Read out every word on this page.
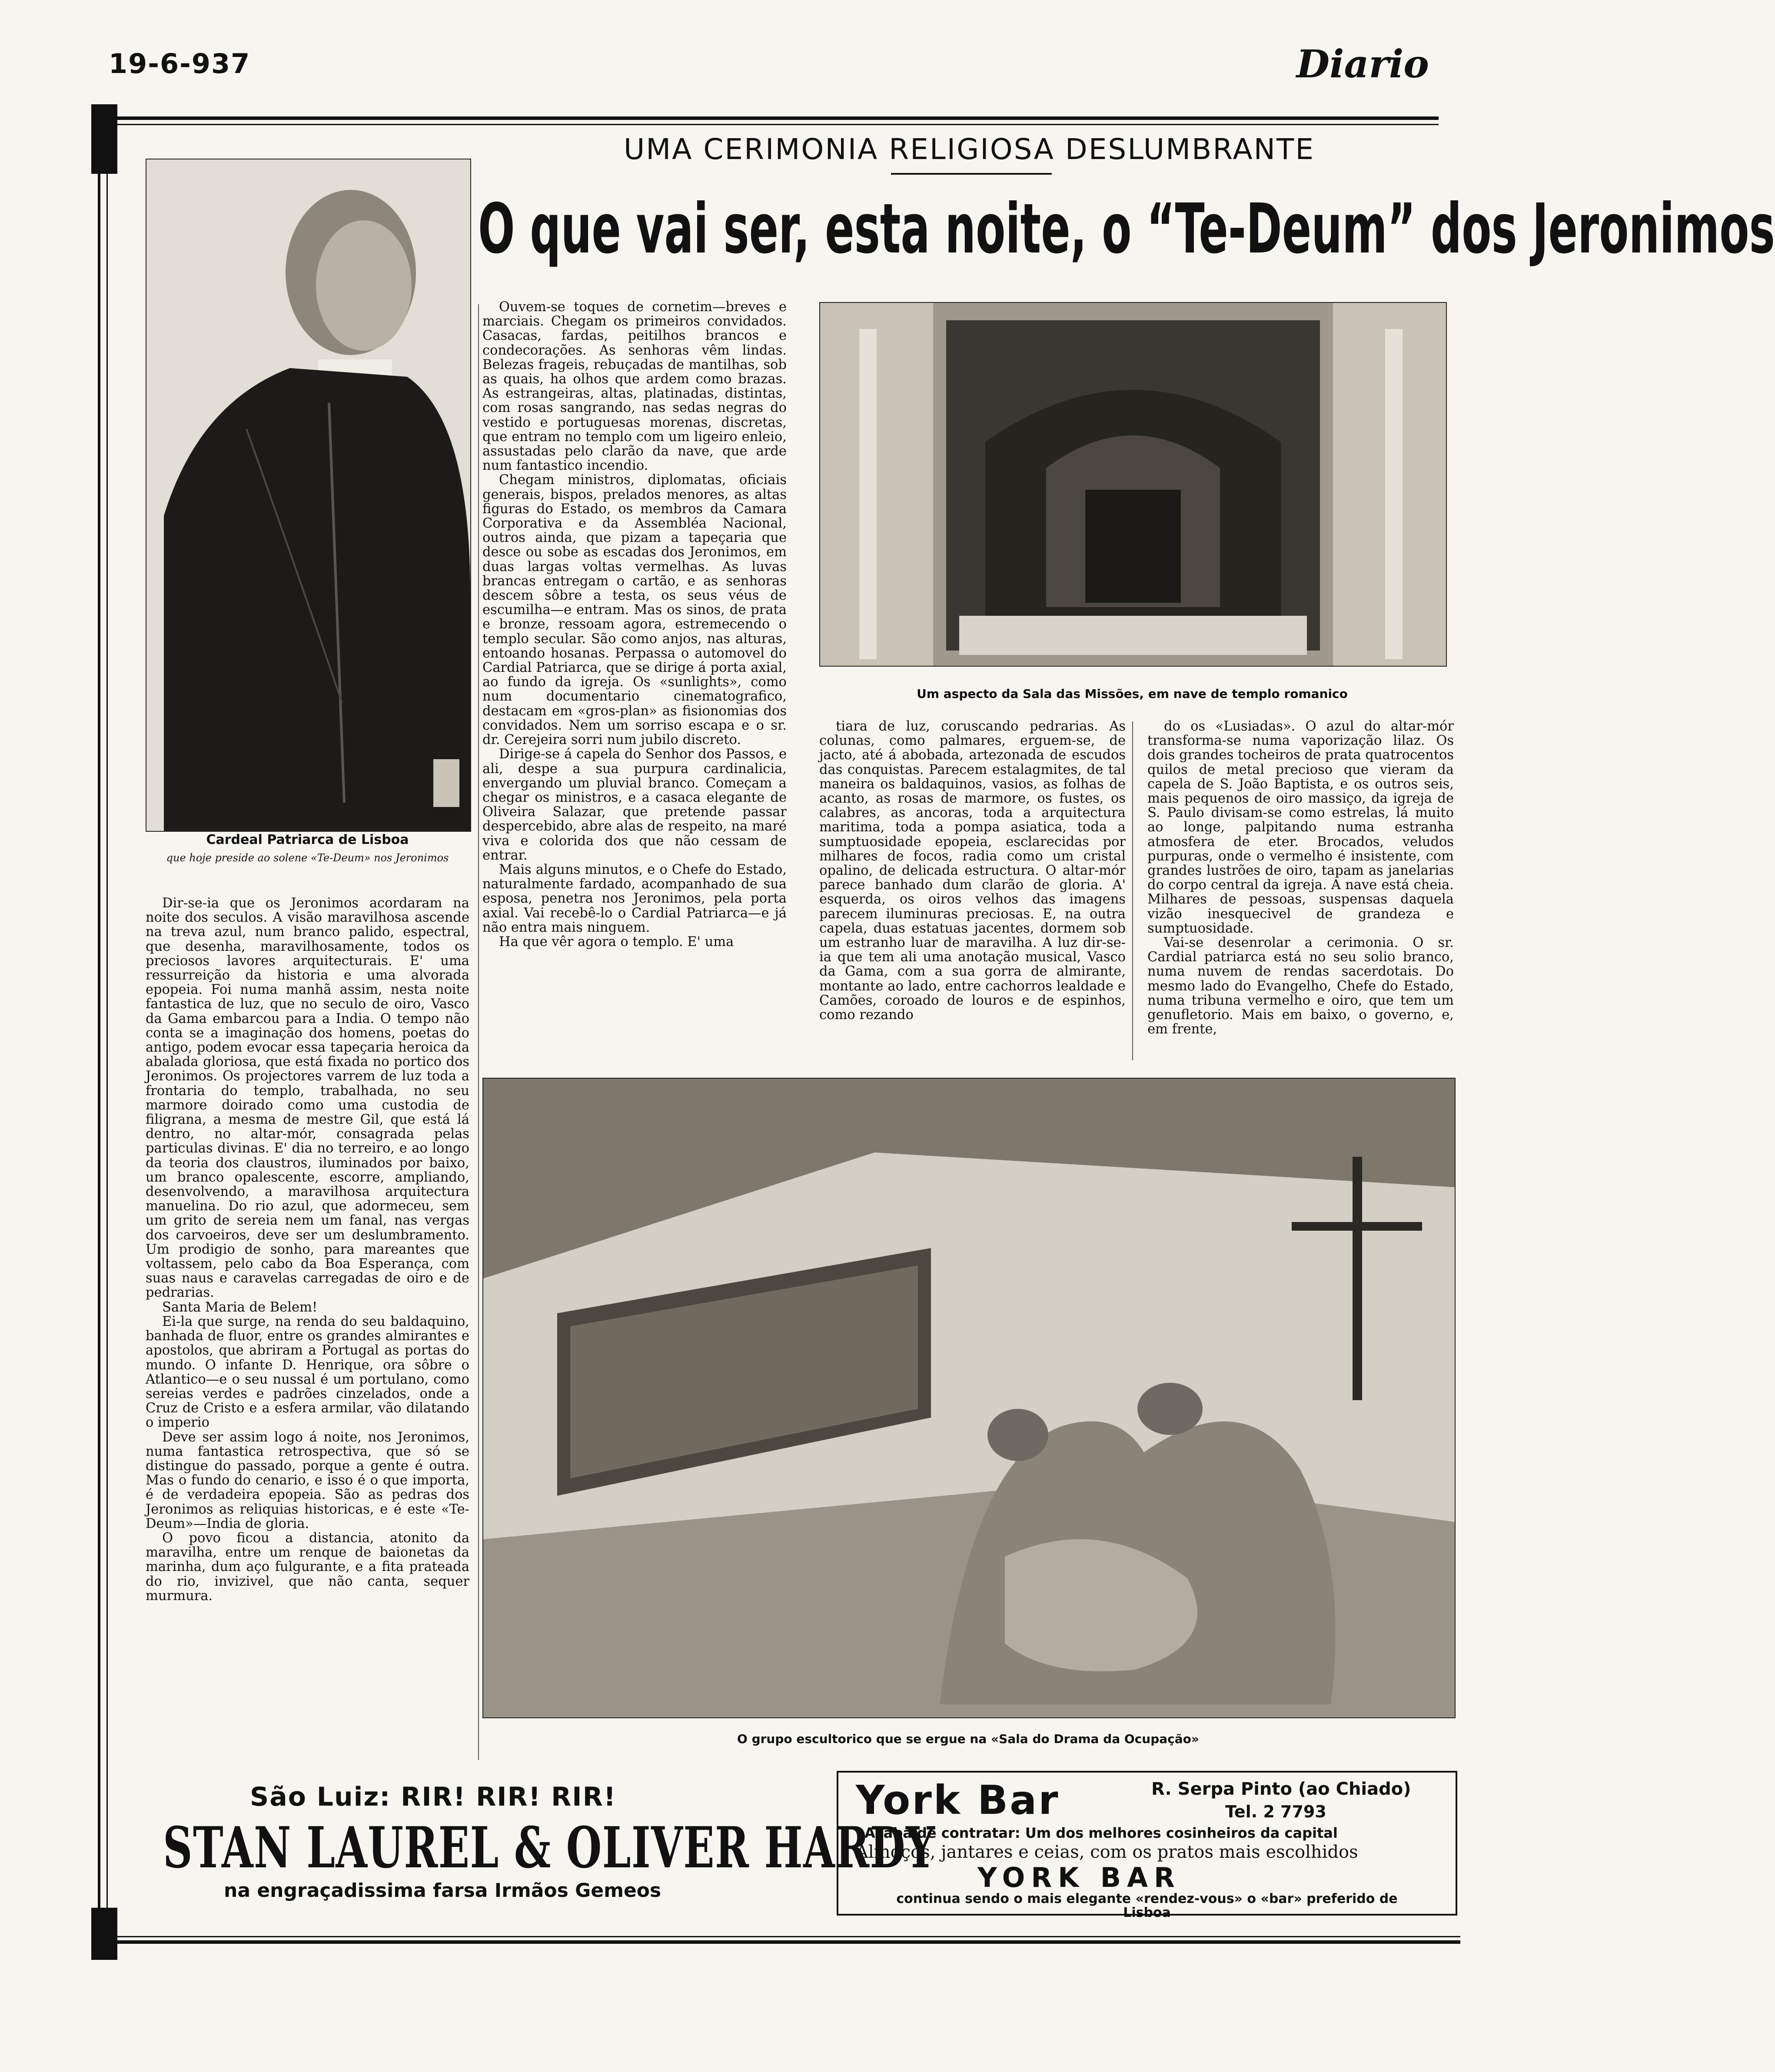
19-6-937	Diario
UMA CERIMONIA RELIGIOSA DESLUMBRANTE
O que vai ser, esta noite, o “Te-Deum” dos Jeronimos
Cardeal Patriarca de Lisboa
que hoje preside ao solene «Te-Deum» nos Jeronimos

Dir-se-ia que os Jeronimos acordaram na noite dos seculos. A visão maravilhosa ascende na treva azul, num branco palido, espectral, que desenha, maravilhosamente, todos os preciosos lavores arquitecturais. E' uma ressurreição da historia e uma alvorada epopeia. Foi numa manhã assim, nesta noite fantastica de luz, que no seculo de oiro, Vasco da Gama embarcou para a India. O tempo não conta se a imaginação dos homens, poetas do antigo, podem evocar essa tapeçaria heroica da abalada gloriosa, que está fixada no portico dos Jeronimos. Os projectores varrem de luz toda a frontaria do templo, trabalhada, no seu marmore doirado como uma custodia de filigrana, a mesma de mestre Gil, que está lá dentro, no altar-mór, consagrada pelas particulas divinas. E' dia no terreiro, e ao longo da teoria dos claustros, iluminados por baixo, um branco opalescente, escorre, ampliando, desenvolvendo, a maravilhosa arquitectura manuelina. Do rio azul, que adormeceu, sem um grito de sereia nem um fanal, nas vergas dos carvoeiros, deve ser um deslumbramento. Um prodigio de sonho, para mareantes que voltassem, pelo cabo da Boa Esperança, com suas naus e caravelas carregadas de oiro e de pedrarias.

Santa Maria de Belem!

Ei-la que surge, na renda do seu baldaquino, banhada de fluor, entre os grandes almirantes e apostolos, que abriram a Portugal as portas do mundo. O infante D. Henrique, ora sôbre o Atlantico—e o seu nussal é um portulano, como sereias verdes e padrões cinzelados, onde a Cruz de Cristo e a esfera armilar, vão dilatando o imperio

Deve ser assim logo á noite, nos Jeronimos, numa fantastica retrospectiva, que só se distingue do passado, porque a gente é outra. Mas o fundo do cenario, e isso é o que importa, é de verdadeira epopeia. São as pedras dos Jeronimos as reliquias historicas, e é este «Te-Deum»—India de gloria.

O povo ficou a distancia, atonito da maravilha, entre um renque de baionetas da marinha, dum aço fulgurante, e a fita prateada do rio, invizivel, que não canta, sequer murmura.

Ouvem-se toques de cornetim—breves e marciais. Chegam os primeiros convidados. Casacas, fardas, peitilhos brancos e condecorações. As senhoras vêm lindas. Belezas frageis, rebuçadas de mantilhas, sob as quais, ha olhos que ardem como brazas. As estrangeiras, altas, platinadas, distintas, com rosas sangrando, nas sedas negras do vestido e portuguesas morenas, discretas, que entram no templo com um ligeiro enleio, assustadas pelo clarão da nave, que arde num fantastico incendio.

Chegam ministros, diplomatas, oficiais generais, bispos, prelados menores, as altas figuras do Estado, os membros da Camara Corporativa e da Assembléa Nacional, outros ainda, que pizam a tapeçaria que desce ou sobe as escadas dos Jeronimos, em duas largas voltas vermelhas. As luvas brancas entregam o cartão, e as senhoras descem sôbre a testa, os seus véus de escumilha—e entram. Mas os sinos, de prata e bronze, ressoam agora, estremecendo o templo secular. São como anjos, nas alturas, entoando hosanas. Perpassa o automovel do Cardial Patriarca, que se dirige á porta axial, ao fundo da igreja. Os «sunlights», como num documentario cinematografico, destacam em «gros-plan» as fisionomias dos convidados. Nem um sorriso escapa e o sr. dr. Cerejeira sorri num jubilo discreto.

Dirige-se á capela do Senhor dos Passos, e ali, despe a sua purpura cardinalicia, envergando um pluvial branco. Começam a chegar os ministros, e a casaca elegante de Oliveira Salazar, que pretende passar despercebido, abre alas de respeito, na maré viva e colorida dos que não cessam de entrar.

Mais alguns minutos, e o Chefe do Estado, naturalmente fardado, acompanhado de sua esposa, penetra nos Jeronimos, pela porta axial. Vai recebê-lo o Cardial Patriarca—e já não entra mais ninguem.

Ha que vêr agora o templo. E' uma

Um aspecto da Sala das Missões, em nave de templo romanico

tiara de luz, coruscando pedrarias. As colunas, como palmares, erguem-se, de jacto, até á abobada, artezonada de escudos das conquistas. Parecem estalagmites, de tal maneira os baldaquinos, vasios, as folhas de acanto, as rosas de marmore, os fustes, os calabres, as ancoras, toda a arquitectura maritima, toda a pompa asiatica, toda a sumptuosidade epopeia, esclarecidas por milhares de focos, radia como um cristal opalino, de delicada estructura. O altar-mór parece banhado dum clarão de gloria. A' esquerda, os oiros velhos das imagens parecem iluminuras preciosas. E, na outra capela, duas estatuas jacentes, dormem sob um estranho luar de maravilha. A luz dir-se-ia que tem ali uma anotação musical, Vasco da Gama, com a sua gorra de almirante, montante ao lado, entre cachorros lealdade e Camões, coroado de louros e de espinhos, como rezando

do os «Lusiadas». O azul do altar-mór transforma-se numa vaporização lilaz. Os dois grandes tocheiros de prata quatrocentos quilos de metal precioso que vieram da capela de S. João Baptista, e os outros seis, mais pequenos de oiro massiço, da igreja de S. Paulo divisam-se como estrelas, lá muito ao longe, palpitando numa estranha atmosfera de eter. Brocados, veludos purpuras, onde o vermelho é insistente, com grandes lustrões de oiro, tapam as janelarias do corpo central da igreja. A nave está cheia. Milhares de pessoas, suspensas daquela vizão inesquecivel de grandeza e sumptuosidade.

Vai-se desenrolar a cerimonia. O sr. Cardial patriarca está no seu solio branco, numa nuvem de rendas sacerdotais. Do mesmo lado do Evangelho, Chefe do Estado, numa tribuna vermelho e oiro, que tem um genufletorio. Mais em baixo, o governo, e, em frente,

O grupo escultorico que se ergue na «Sala do Drama da Ocupação»
São Luiz: RIR! RIR! RIR!
STAN LAUREL & OLIVER HARDY
na engraçadissima farsa Irmãos Gemeos
York Bar	R. Serpa Pinto (ao Chiado)
Tel. 2 7793
Acaba de contratar: Um dos melhores cosinheiros da capital
Almoços, jantares e ceias, com os pratos mais escolhidos
YORK BAR
continua sendo o mais elegante «rendez-vous» o «bar» preferido de Lisboa
